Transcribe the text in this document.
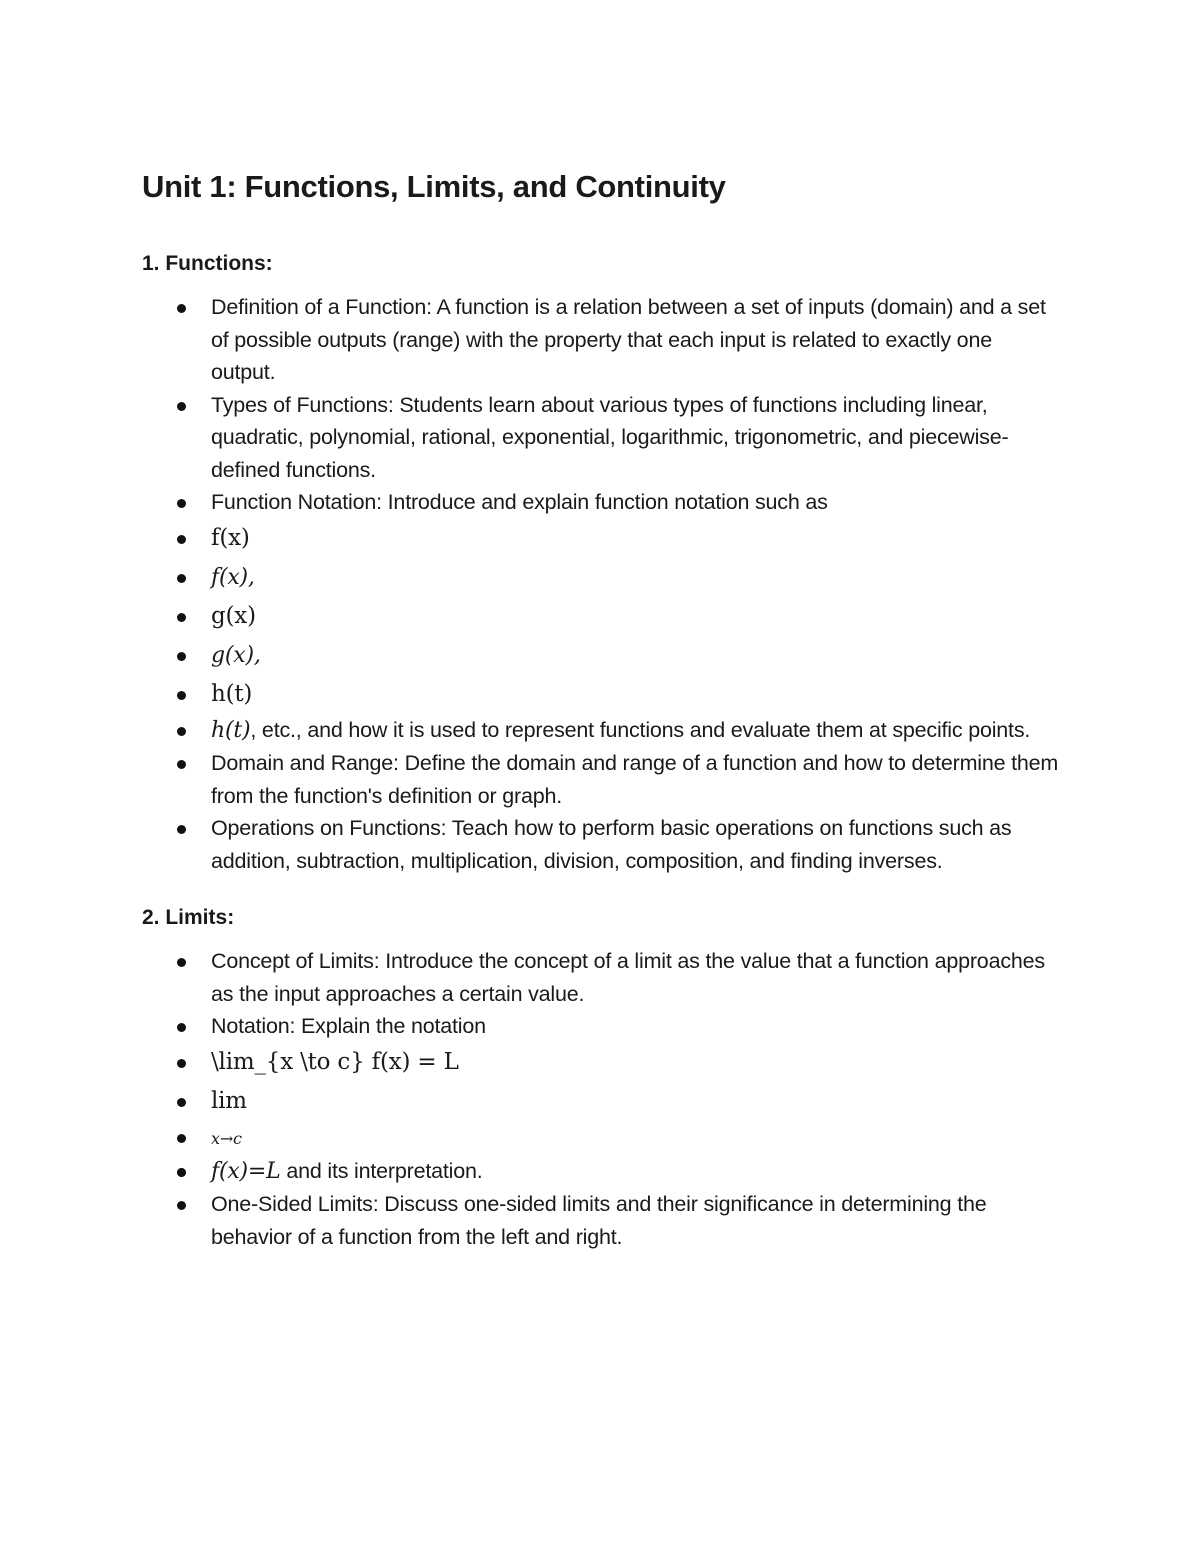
Unit 1: Functions, Limits, and Continuity
1. Functions:
Definition of a Function: A function is a relation between a set of inputs (domain) and a set of possible outputs (range) with the property that each input is related to exactly one output.
Types of Functions: Students learn about various types of functions including linear, quadratic, polynomial, rational, exponential, logarithmic, trigonometric, and piecewise-defined functions.
Function Notation: Introduce and explain function notation such as
f(x)
f(x),
g(x)
g(x),
h(t)
h(t), etc., and how it is used to represent functions and evaluate them at specific points.
Domain and Range: Define the domain and range of a function and how to determine them from the function's definition or graph.
Operations on Functions: Teach how to perform basic operations on functions such as addition, subtraction, multiplication, division, composition, and finding inverses.
2. Limits:
Concept of Limits: Introduce the concept of a limit as the value that a function approaches as the input approaches a certain value.
Notation: Explain the notation
\lim_{x \to c} f(x) = L
lim
x→c
f(x)=L and its interpretation.
One-Sided Limits: Discuss one-sided limits and their significance in determining the behavior of a function from the left and right.
